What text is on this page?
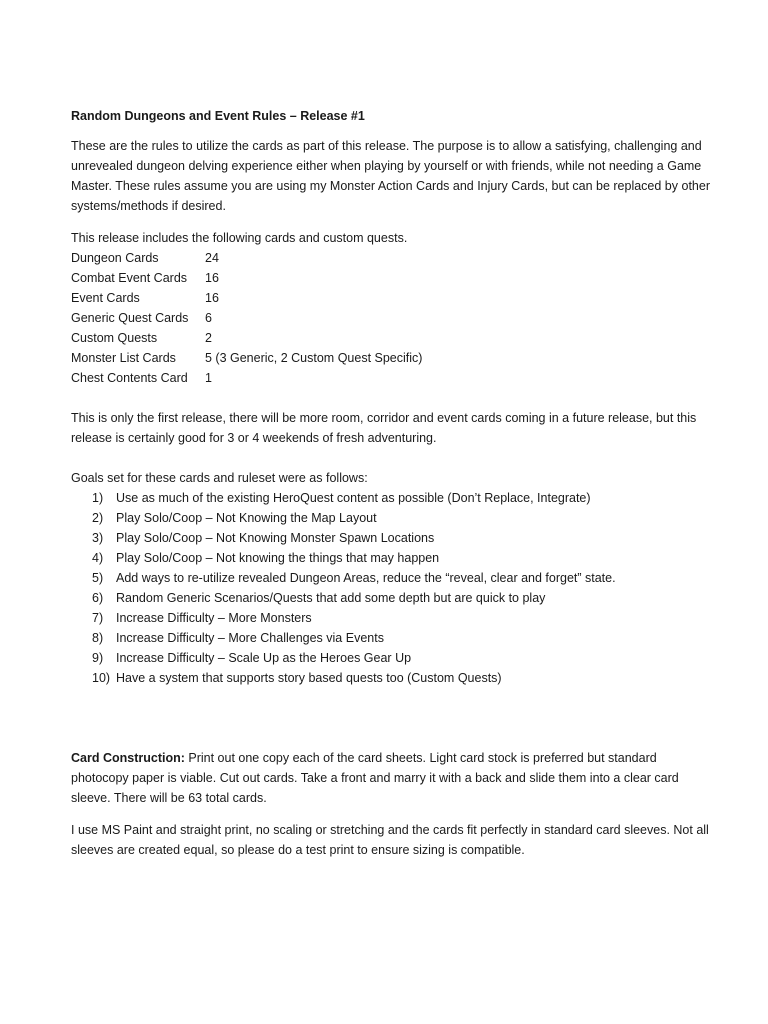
Random Dungeons and Event Rules – Release #1

These are the rules to utilize the cards as part of this release. The purpose is to allow a satisfying, challenging and unrevealed dungeon delving experience either when playing by yourself or with friends, while not needing a Game Master. These rules assume you are using my Monster Action Cards and Injury Cards, but can be replaced by other systems/methods if desired.

This release includes the following cards and custom quests.

Dungeon Cards	24
Combat Event Cards	16
Event Cards	16
Generic Quest Cards	6
Custom Quests	2
Monster List Cards	5 (3 Generic, 2 Custom Quest Specific)
Chest Contents Card	1

This is only the first release, there will be more room, corridor and event cards coming in a future release, but this release is certainly good for 3 or 4 weekends of fresh adventuring.

Goals set for these cards and ruleset were as follows:

1) Use as much of the existing HeroQuest content as possible (Don’t Replace, Integrate)
2) Play Solo/Coop – Not Knowing the Map Layout
3) Play Solo/Coop – Not Knowing Monster Spawn Locations
4) Play Solo/Coop – Not knowing the things that may happen
5) Add ways to re-utilize revealed Dungeon Areas, reduce the “reveal, clear and forget” state.
6) Random Generic Scenarios/Quests that add some depth but are quick to play
7) Increase Difficulty – More Monsters
8) Increase Difficulty – More Challenges via Events
9) Increase Difficulty – Scale Up as the Heroes Gear Up
10) Have a system that supports story based quests too (Custom Quests)

Card Construction: Print out one copy each of the card sheets. Light card stock is preferred but standard photocopy paper is viable. Cut out cards. Take a front and marry it with a back and slide them into a clear card sleeve. There will be 63 total cards.

I use MS Paint and straight print, no scaling or stretching and the cards fit perfectly in standard card sleeves. Not all sleeves are created equal, so please do a test print to ensure sizing is compatible.
